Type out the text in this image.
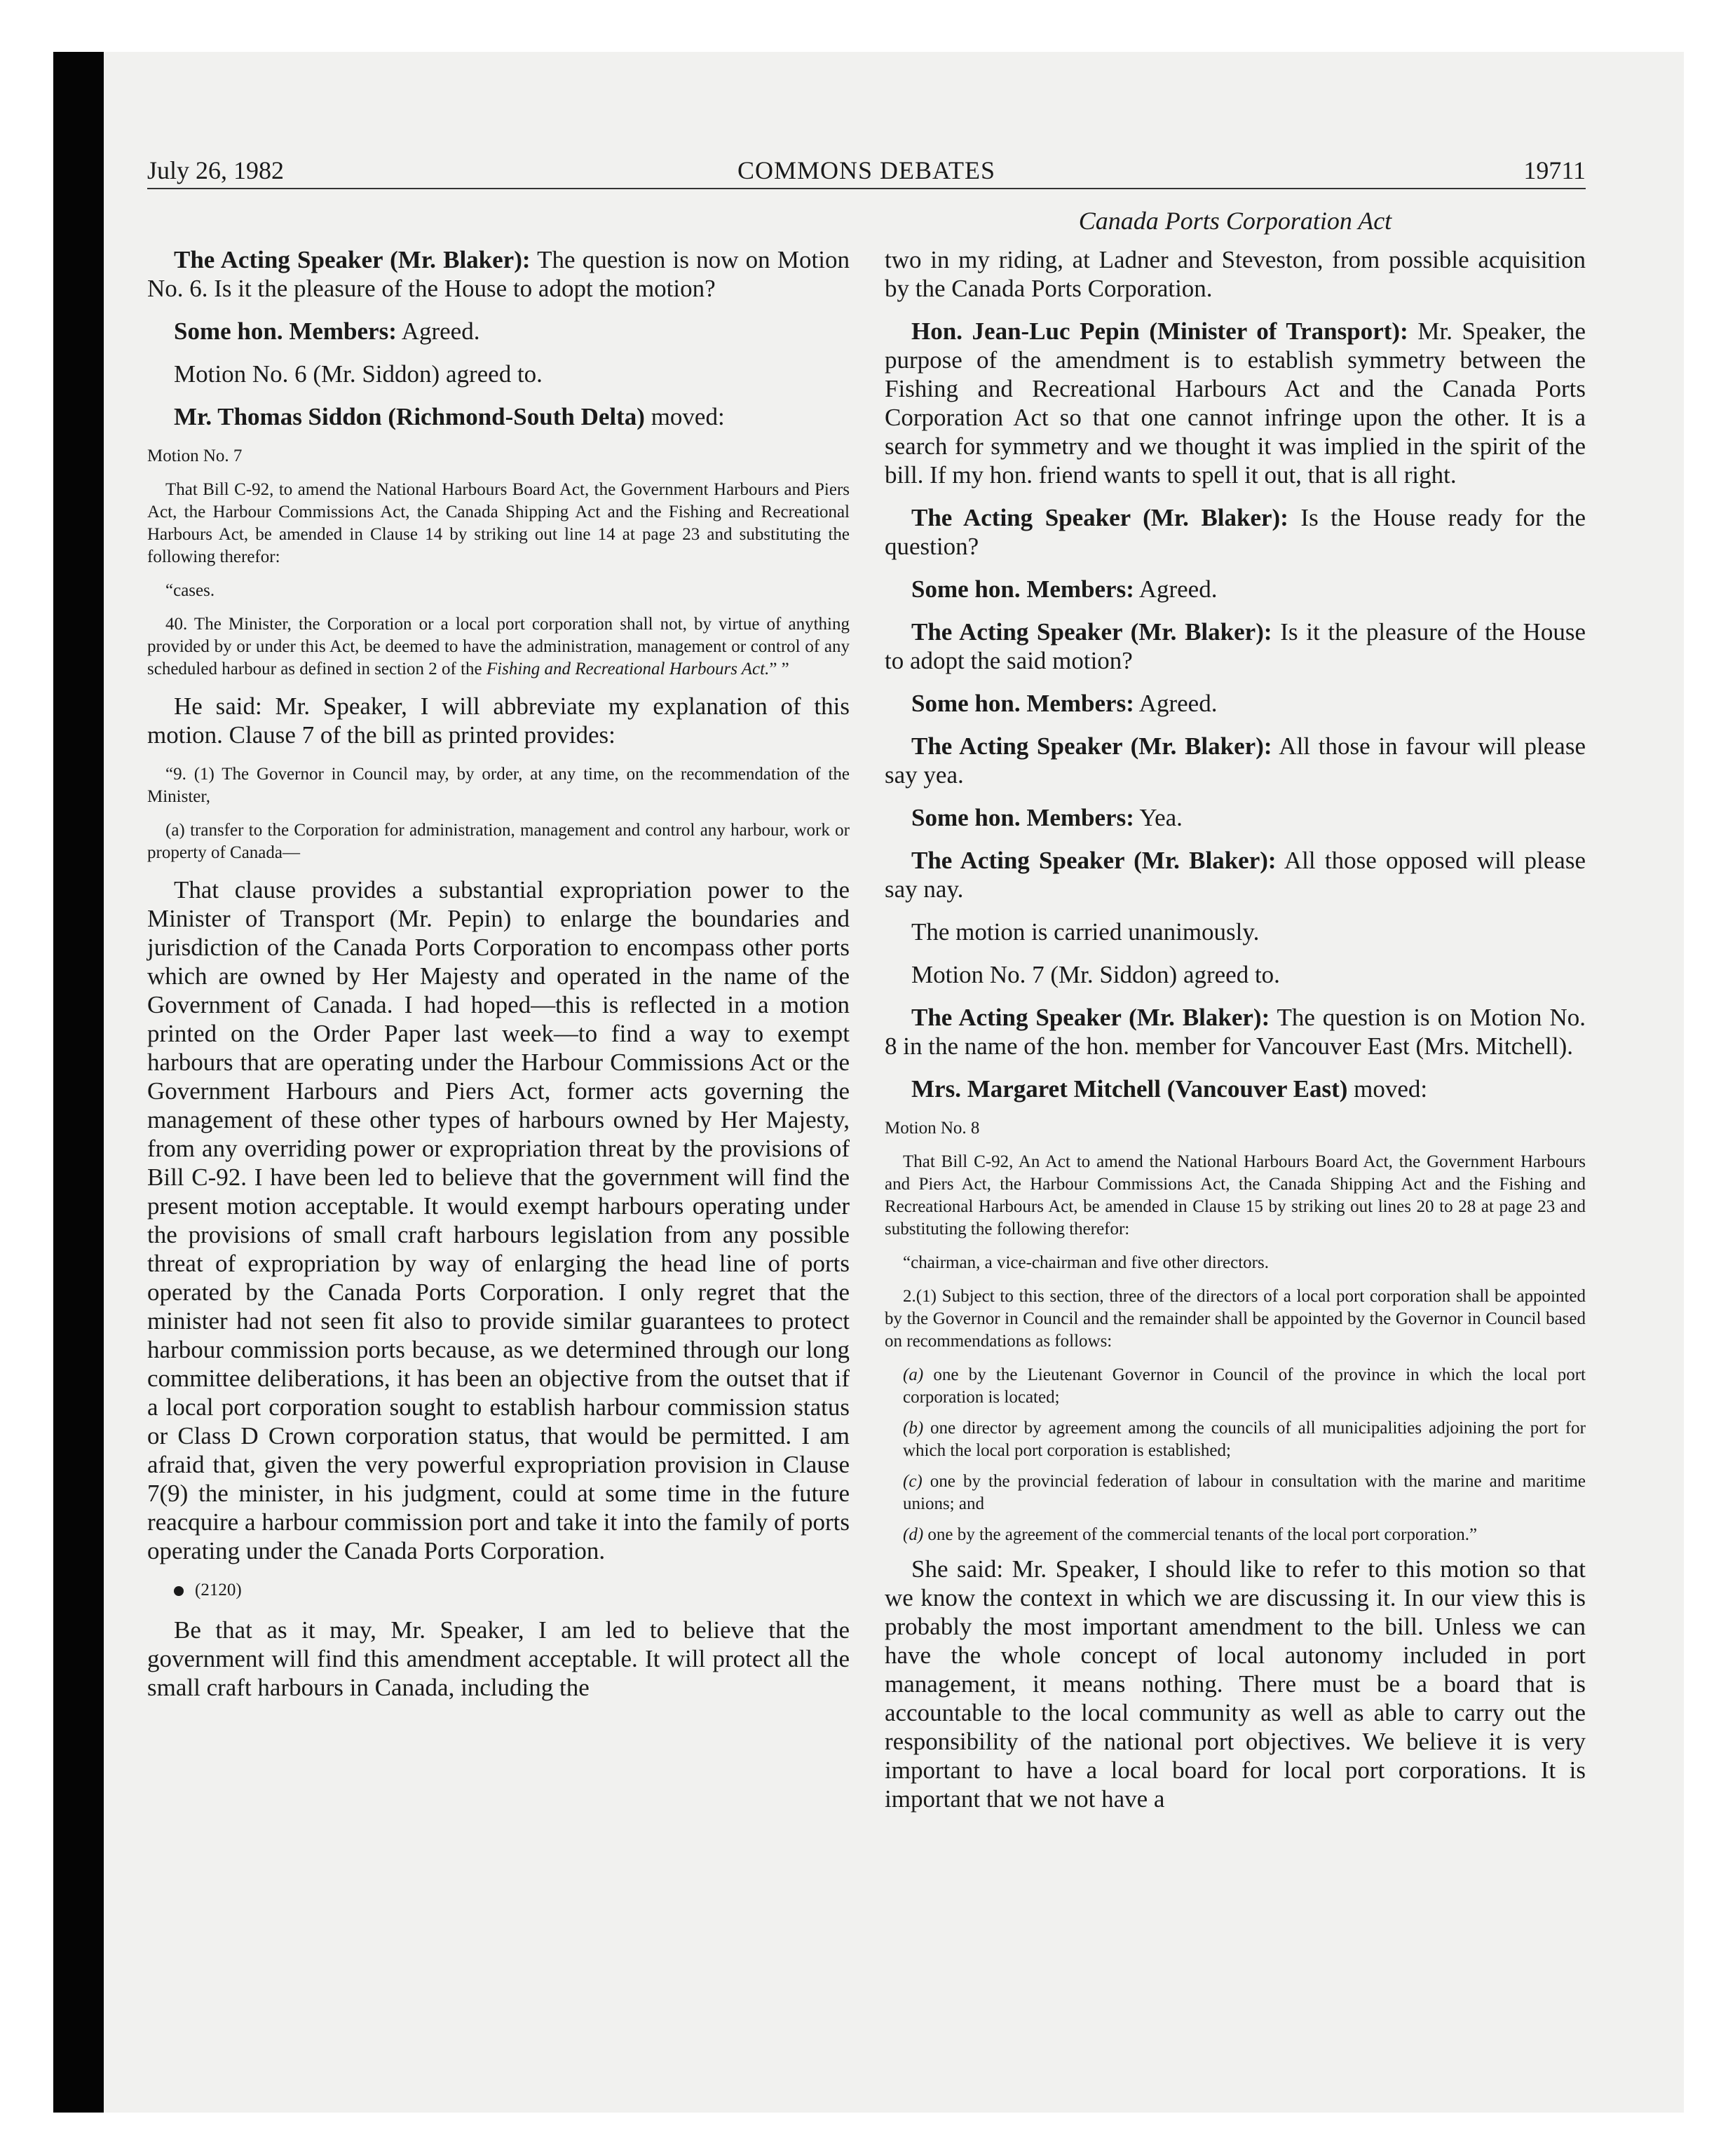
July 26, 1982	COMMONS DEBATES	19711
Canada Ports Corporation Act

The Acting Speaker (Mr. Blaker): The question is now on Motion No. 6. Is it the pleasure of the House to adopt the motion?

Some hon. Members: Agreed.

Motion No. 6 (Mr. Siddon) agreed to.

Mr. Thomas Siddon (Richmond-South Delta) moved:

Motion No. 7

That Bill C-92, to amend the National Harbours Board Act, the Government Harbours and Piers Act, the Harbour Commissions Act, the Canada Shipping Act and the Fishing and Recreational Harbours Act, be amended in Clause 14 by striking out line 14 at page 23 and substituting the following therefor:

“cases.

40. The Minister, the Corporation or a local port corporation shall not, by virtue of anything provided by or under this Act, be deemed to have the administration, management or control of any scheduled harbour as defined in section 2 of the Fishing and Recreational Harbours Act.” ”

He said: Mr. Speaker, I will abbreviate my explanation of this motion. Clause 7 of the bill as printed provides:

“9. (1) The Governor in Council may, by order, at any time, on the recommendation of the Minister,

(a) transfer to the Corporation for administration, management and control any harbour, work or property of Canada—

That clause provides a substantial expropriation power to the Minister of Transport (Mr. Pepin) to enlarge the boundaries and jurisdiction of the Canada Ports Corporation to encompass other ports which are owned by Her Majesty and operated in the name of the Government of Canada. I had hoped—this is reflected in a motion printed on the Order Paper last week—to find a way to exempt harbours that are operating under the Harbour Commissions Act or the Government Harbours and Piers Act, former acts governing the management of these other types of harbours owned by Her Majesty, from any overriding power or expropriation threat by the provisions of Bill C-92. I have been led to believe that the government will find the present motion acceptable. It would exempt harbours operating under the provisions of small craft harbours legislation from any possible threat of expropriation by way of enlarging the head line of ports operated by the Canada Ports Corporation. I only regret that the minister had not seen fit also to provide similar guarantees to protect harbour commission ports because, as we determined through our long committee deliberations, it has been an objective from the outset that if a local port corporation sought to establish harbour commission status or Class D Crown corporation status, that would be permitted. I am afraid that, given the very powerful expropriation provision in Clause 7(9) the minister, in his judgment, could at some time in the future reacquire a harbour commission port and take it into the family of ports operating under the Canada Ports Corporation.

(2120)

Be that as it may, Mr. Speaker, I am led to believe that the government will find this amendment acceptable. It will protect all the small craft harbours in Canada, including the

two in my riding, at Ladner and Steveston, from possible acquisition by the Canada Ports Corporation.

Hon. Jean-Luc Pepin (Minister of Transport): Mr. Speaker, the purpose of the amendment is to establish symmetry between the Fishing and Recreational Harbours Act and the Canada Ports Corporation Act so that one cannot infringe upon the other. It is a search for symmetry and we thought it was implied in the spirit of the bill. If my hon. friend wants to spell it out, that is all right.

The Acting Speaker (Mr. Blaker): Is the House ready for the question?

Some hon. Members: Agreed.

The Acting Speaker (Mr. Blaker): Is it the pleasure of the House to adopt the said motion?

Some hon. Members: Agreed.

The Acting Speaker (Mr. Blaker): All those in favour will please say yea.

Some hon. Members: Yea.

The Acting Speaker (Mr. Blaker): All those opposed will please say nay.

The motion is carried unanimously.

Motion No. 7 (Mr. Siddon) agreed to.

The Acting Speaker (Mr. Blaker): The question is on Motion No. 8 in the name of the hon. member for Vancouver East (Mrs. Mitchell).

Mrs. Margaret Mitchell (Vancouver East) moved:

Motion No. 8

That Bill C-92, An Act to amend the National Harbours Board Act, the Government Harbours and Piers Act, the Harbour Commissions Act, the Canada Shipping Act and the Fishing and Recreational Harbours Act, be amended in Clause 15 by striking out lines 20 to 28 at page 23 and substituting the following therefor:

“chairman, a vice-chairman and five other directors.

2.(1) Subject to this section, three of the directors of a local port corporation shall be appointed by the Governor in Council and the remainder shall be appointed by the Governor in Council based on recommendations as follows:

(a) one by the Lieutenant Governor in Council of the province in which the local port corporation is located;

(b) one director by agreement among the councils of all municipalities adjoining the port for which the local port corporation is established;

(c) one by the provincial federation of labour in consultation with the marine and maritime unions; and

(d) one by the agreement of the commercial tenants of the local port corporation.”

She said: Mr. Speaker, I should like to refer to this motion so that we know the context in which we are discussing it. In our view this is probably the most important amendment to the bill. Unless we can have the whole concept of local autonomy included in port management, it means nothing. There must be a board that is accountable to the local community as well as able to carry out the responsibility of the national port objectives. We believe it is very important to have a local board for local port corporations. It is important that we not have a
